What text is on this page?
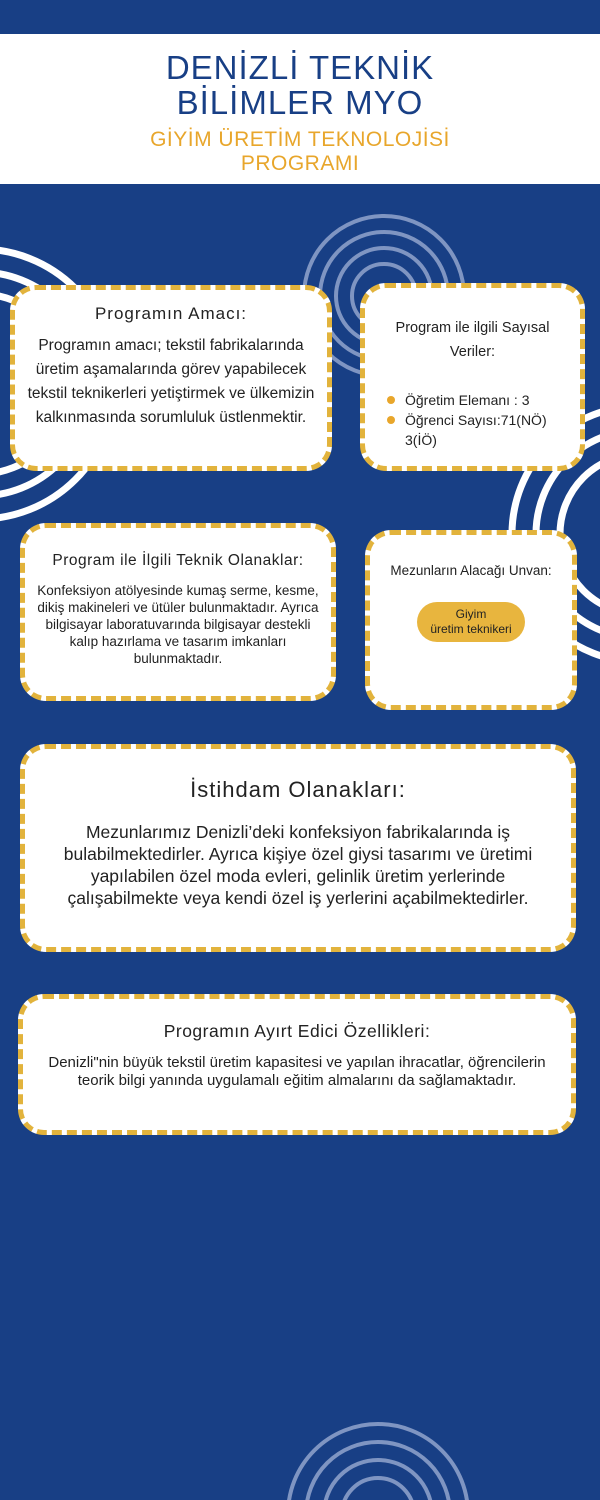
DENİZLİ TEKNİK
BİLİMLER MYO
GİYİM ÜRETİM TEKNOLOJİSİ
PROGRAMI
Programın Amacı:

Programın amacı; tekstil fabrikalarında üretim aşamalarında görev yapabilecek tekstil teknikerleri yetiştirmek ve ülkemizin kalkınmasında sorumluluk üstlenmektir.

Program ile ilgili Sayısal Veriler:
Öğretim Elemanı : 3
Öğrenci Sayısı:71(NÖ) 3(İÖ)
Program ile İlgili Teknik Olanaklar:

Konfeksiyon atölyesinde kumaş serme, kesme, dikiş makineleri ve ütüler bulunmaktadır. Ayrıca bilgisayar laboratuvarında bilgisayar destekli kalıp hazırlama ve tasarım imkanları bulunmaktadır.

Mezunların Alacağı Unvan:
Giyim
üretim teknikeri
İstihdam Olanakları:

Mezunlarımız Denizli’deki konfeksiyon fabrikalarında iş bulabilmektedirler. Ayrıca kişiye özel giysi tasarımı ve üretimi yapılabilen özel moda evleri, gelinlik üretim yerlerinde çalışabilmekte veya kendi özel iş yerlerini açabilmektedirler.

Programın Ayırt Edici Özellikleri:

Denizli"nin büyük tekstil üretim kapasitesi ve yapılan ihracatlar, öğrencilerin teorik bilgi yanında uygulamalı eğitim almalarını da sağlamaktadır.
